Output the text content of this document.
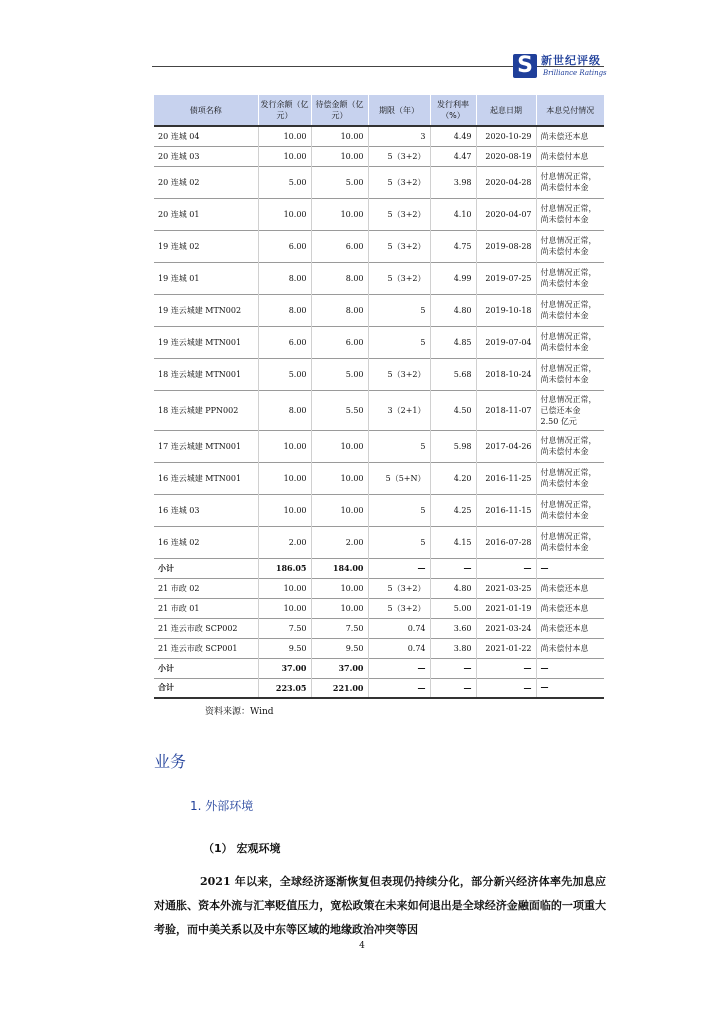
S 新世纪评级
Brilliance Ratings
债项名称	发行余额（亿元）	待偿金额（亿元）	期限（年）	发行利率（%）	起息日期	本息兑付情况
20 连城 04	10.00	10.00	3	4.49	2020-10-29	尚未偿还本息
20 连城 03	10.00	10.00	5（3+2）	4.47	2020-08-19	尚未偿付本息
20 连城 02	5.00	5.00	5（3+2）	3.98	2020-04-28	付息情况正常，尚未偿付本金
20 连城 01	10.00	10.00	5（3+2）	4.10	2020-04-07	付息情况正常，尚未偿付本金
19 连城 02	6.00	6.00	5（3+2）	4.75	2019-08-28	付息情况正常，尚未偿付本金
19 连城 01	8.00	8.00	5（3+2）	4.99	2019-07-25	付息情况正常，尚未偿付本金
19 连云城建 MTN002	8.00	8.00	5	4.80	2019-10-18	付息情况正常，尚未偿付本金
19 连云城建 MTN001	6.00	6.00	5	4.85	2019-07-04	付息情况正常，尚未偿付本金
18 连云城建 MTN001	5.00	5.00	5（3+2）	5.68	2018-10-24	付息情况正常，尚未偿付本金
18 连云城建 PPN002	8.00	5.50	3（2+1）	4.50	2018-11-07	付息情况正常，已偿还本金 2.50 亿元
17 连云城建 MTN001	10.00	10.00	5	5.98	2017-04-26	付息情况正常，尚未偿付本金
16 连云城建 MTN001	10.00	10.00	5（5+N）	4.20	2016-11-25	付息情况正常，尚未偿付本金
16 连城 03	10.00	10.00	5	4.25	2016-11-15	付息情况正常，尚未偿付本金
16 连城 02	2.00	2.00	5	4.15	2016-07-28	付息情况正常，尚未偿付本金
小计	186.05	184.00	—	—	—	—
21 市政 02	10.00	10.00	5（3+2）	4.80	2021-03-25	尚未偿还本息
21 市政 01	10.00	10.00	5（3+2）	5.00	2021-01-19	尚未偿还本息
21 连云市政 SCP002	7.50	7.50	0.74	3.60	2021-03-24	尚未偿还本息
21 连云市政 SCP001	9.50	9.50	0.74	3.80	2021-01-22	尚未偿付本息
小计	37.00	37.00	—	—	—	—
合计	223.05	221.00	—	—	—	—
资料来源：Wind
业务
1. 外部环境
（1） 宏观环境

2021 年以来，全球经济逐渐恢复但表现仍持续分化，部分新兴经济体率先加息应对通胀、资本外流与汇率贬值压力，宽松政策在未来如何退出是全球经济金融面临的一项重大考验，而中美关系以及中东等区域的地缘政治冲突等因

4
